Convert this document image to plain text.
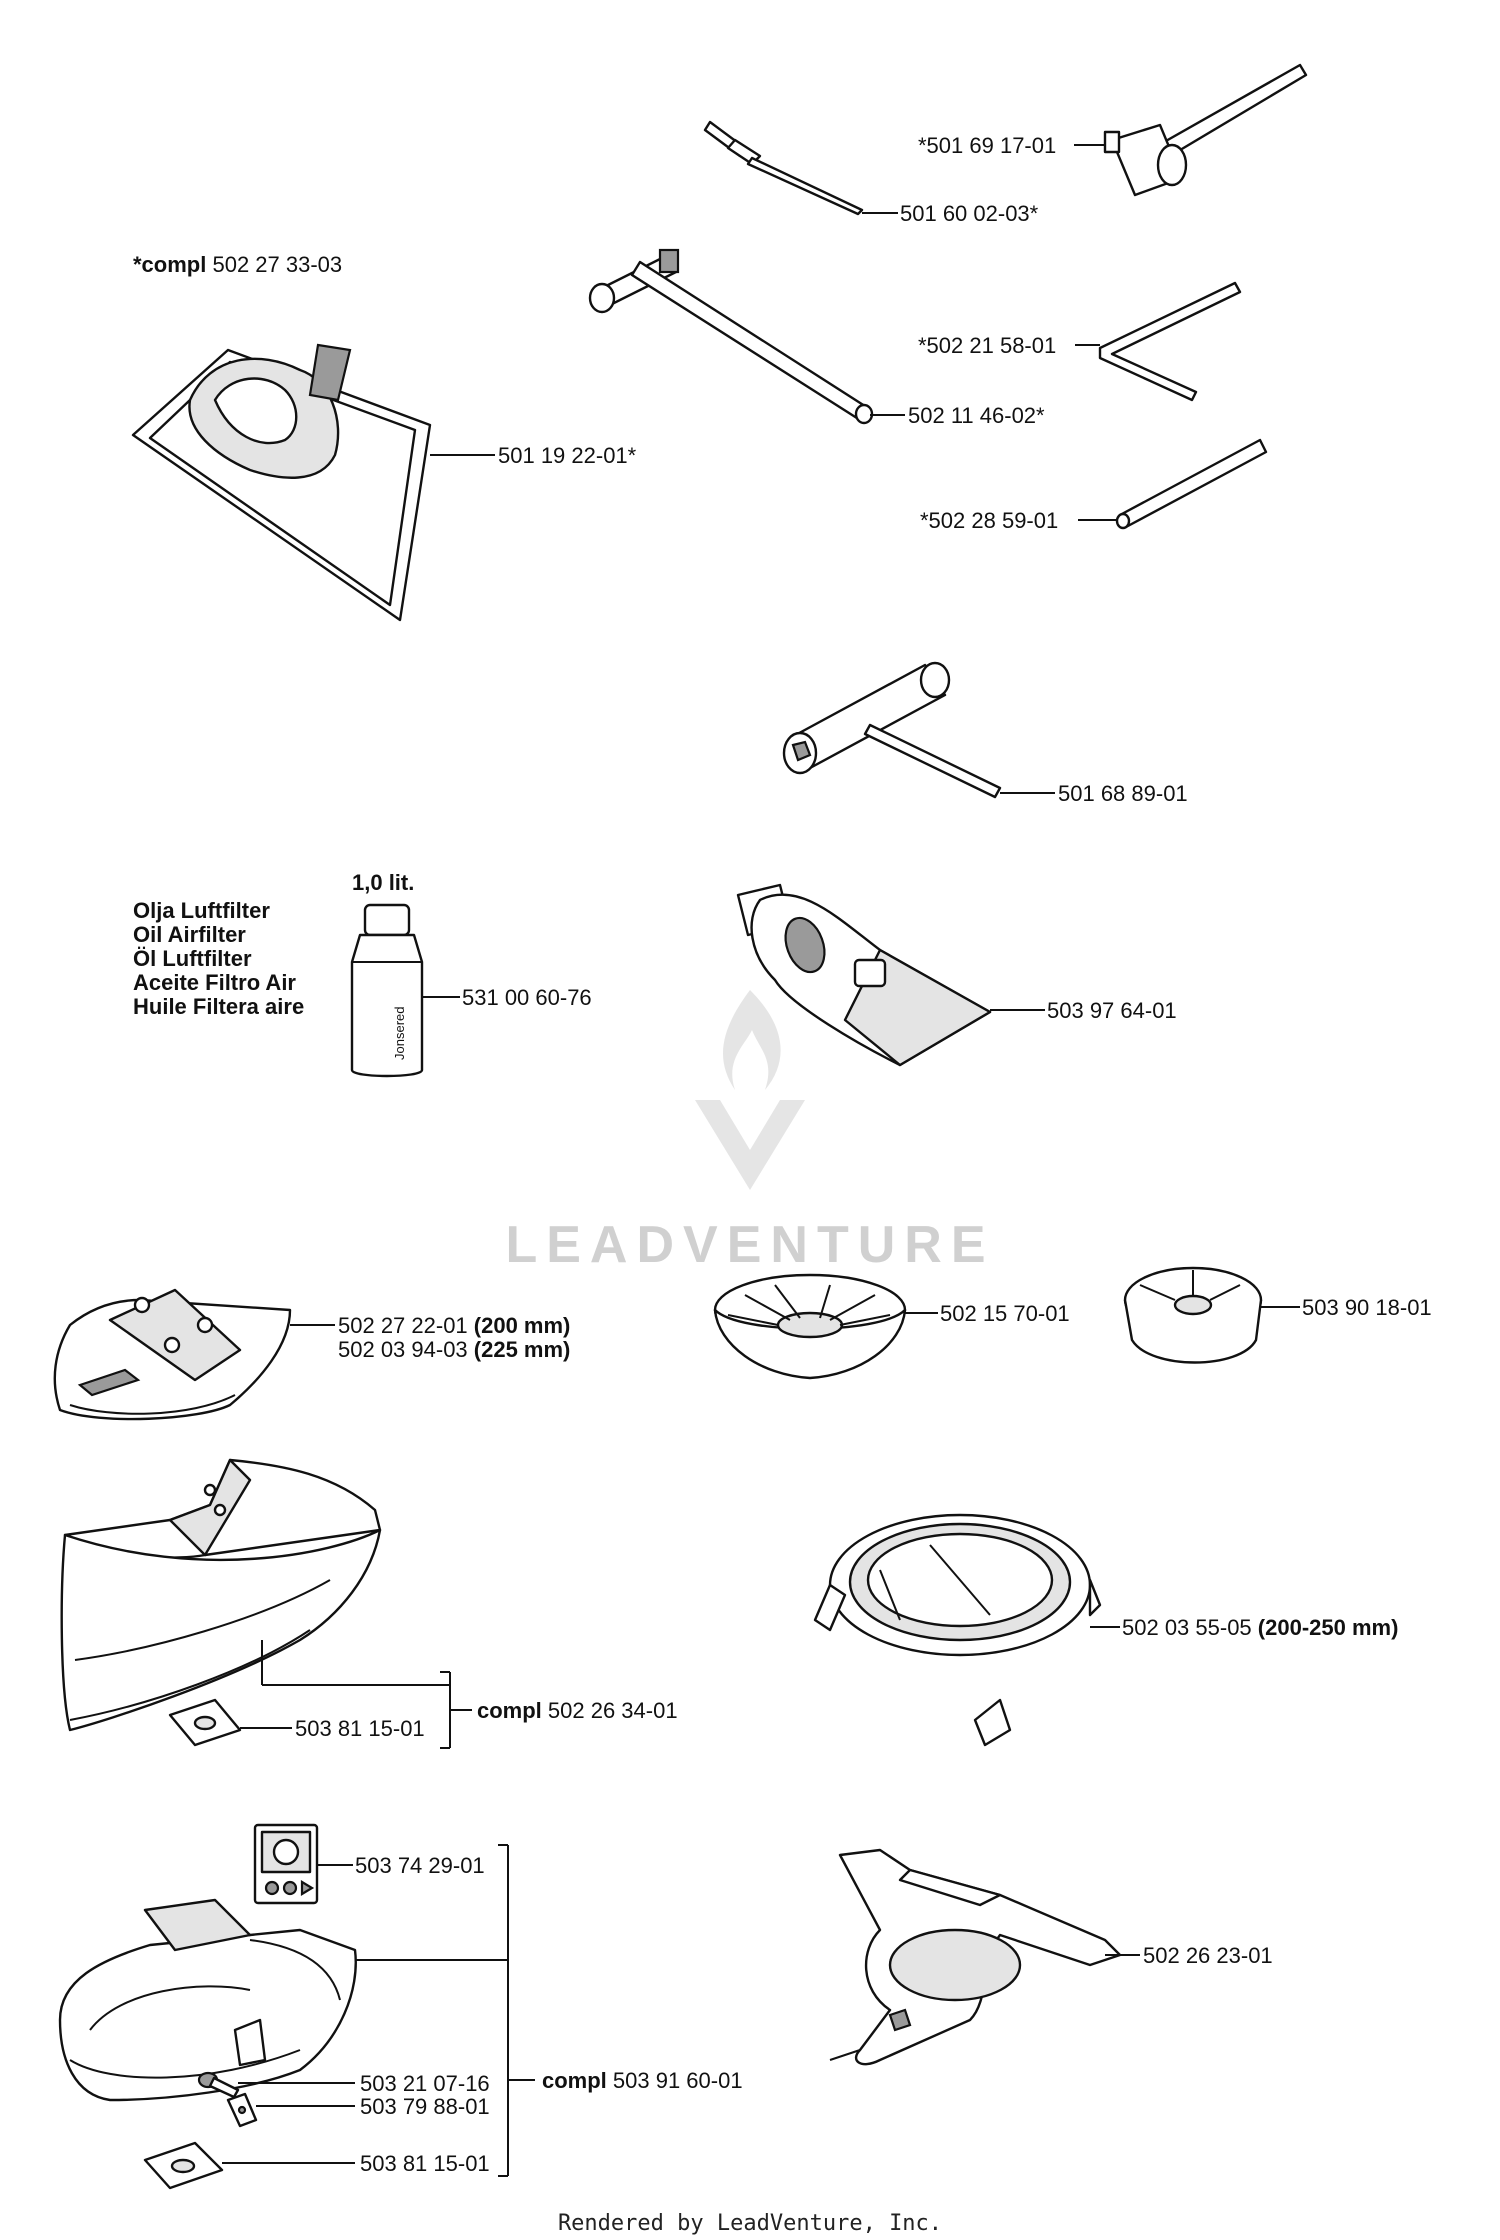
LEADVENTURE
*501 69 17-01
501 60 02-03*
*compl 502 27 33-03
501 19 22-01*
*502 21 58-01
502 11 46-02*
*502 28 59-01
501 68 89-01
1,0 lit.
Olja Luftfilter
Oil Airfilter
Öl Luftfilter
Aceite Filtro Air
Huile Filtera aire
Jonsered
531 00 60-76
503 97 64-01
502 27 22-01 (200 mm)
502 03 94-03 (225 mm)
502 15 70-01	503 90 18-01
compl 502 26 34-01
503 81 15-01
502 03 55-05 (200-250 mm)
503 74 29-01
502 26 23-01
compl 503 91 60-01
503 21 07-16
503 79 88-01
503 81 15-01
Rendered by LeadVenture, Inc.
